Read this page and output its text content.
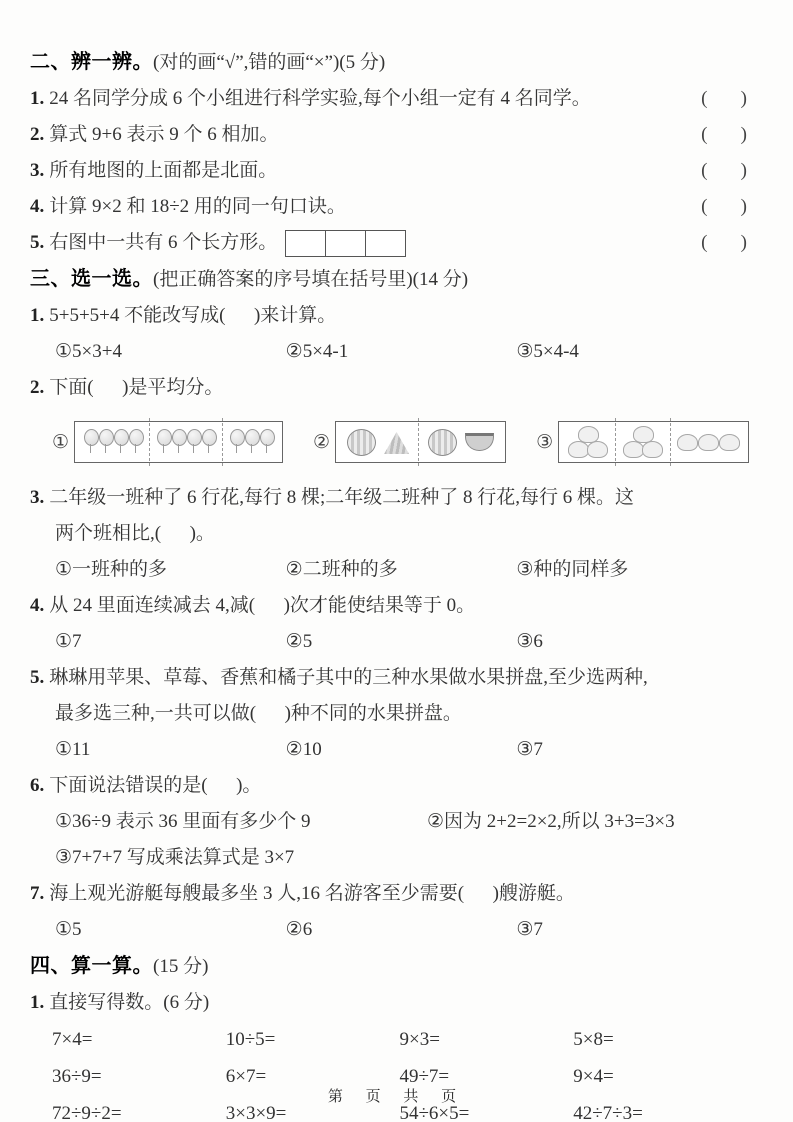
二、辨一辨。(对的画“√”,错的画“×”)(5 分)
1. 24 名同学分成 6 个小组进行科学实验,每个小组一定有 4 名同学。	(       )
2. 算式 9+6 表示 9 个 6 相加。	(       )
3. 所有地图的上面都是北面。	(       )
4. 计算 9×2 和 18÷2 用的同一句口诀。	(       )
5. 右图中一共有 6 个长方形。	(       )
三、选一选。(把正确答案的序号填在括号里)(14 分)
1. 5+5+5+4 不能改写成(      )来计算。
①5×3+4	②5×4-1	③5×4-4
2. 下面(      )是平均分。
①	②	③
3. 二年级一班种了 6 行花,每行 8 棵;二年级二班种了 8 行花,每行 6 棵。这
两个班相比,(      )。
①一班种的多	②二班种的多	③种的同样多
4. 从 24 里面连续减去 4,减(      )次才能使结果等于 0。
①7	②5	③6
5. 琳琳用苹果、草莓、香蕉和橘子其中的三种水果做水果拼盘,至少选两种,
最多选三种,一共可以做(      )种不同的水果拼盘。
①11	②10	③7
6. 下面说法错误的是(      )。
①36÷9 表示 36 里面有多少个 9	②因为 2+2=2×2,所以 3+3=3×3
③7+7+7 写成乘法算式是 3×7
7. 海上观光游艇每艘最多坐 3 人,16 名游客至少需要(      )艘游艇。
①5	②6	③7
四、算一算。(15 分)
1. 直接写得数。(6 分)
7×4=	10÷5=	9×3=	5×8=
36÷9=	6×7=	49÷7=	9×4=
72÷9÷2=	3×3×9=	54÷6×5=	42÷7÷3=
第 页 共 页
